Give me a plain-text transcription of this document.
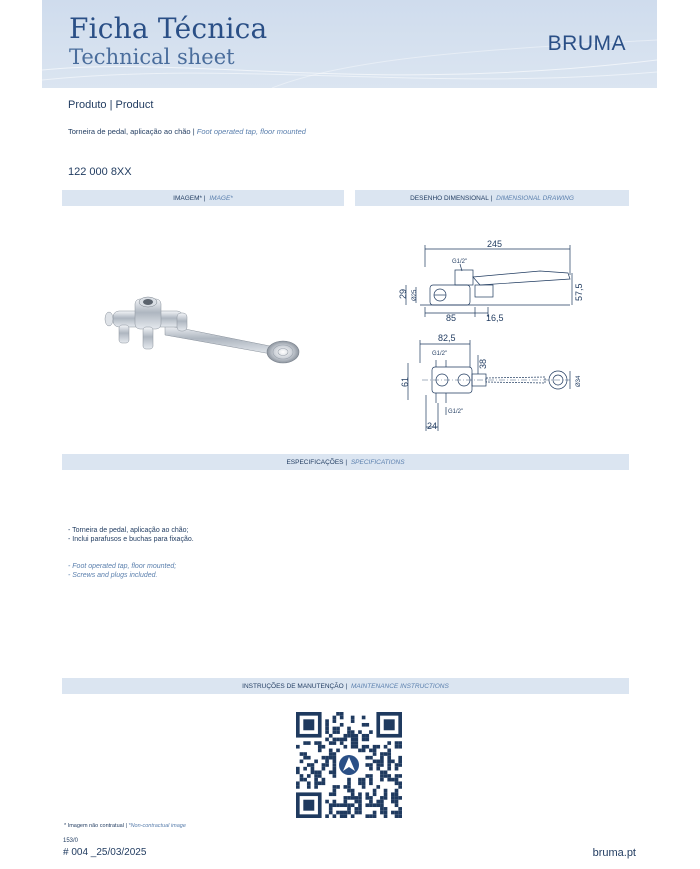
Ficha Técnica
Technical sheet
BRUMA
Produto | Product
Torneira de pedal, aplicação ao chão | Foot operated tap, floor mounted
122 000 8XX
IMAGEM* | IMAGE*	DESENHO DIMENSIONAL | DIMENSIONAL DRAWING
245
G1/2"
29 Ø25	57,5
85	16,5
82,5
G1/2"
61
38
Ø34
G1/2"
24
ESPECIFICAÇÕES | SPECIFICATIONS
- Torneira de pedal, aplicação ao chão;
- Inclui parafusos e buchas para fixação.
- Foot operated tap, floor mounted;
- Screws and plugs included.
INSTRUÇÕES DE MANUTENÇÃO | MAINTENANCE INSTRUCTIONS
* Imagem não contratual | *Non-contractual image
153/0
# 004 _25/03/2025	bruma.pt
